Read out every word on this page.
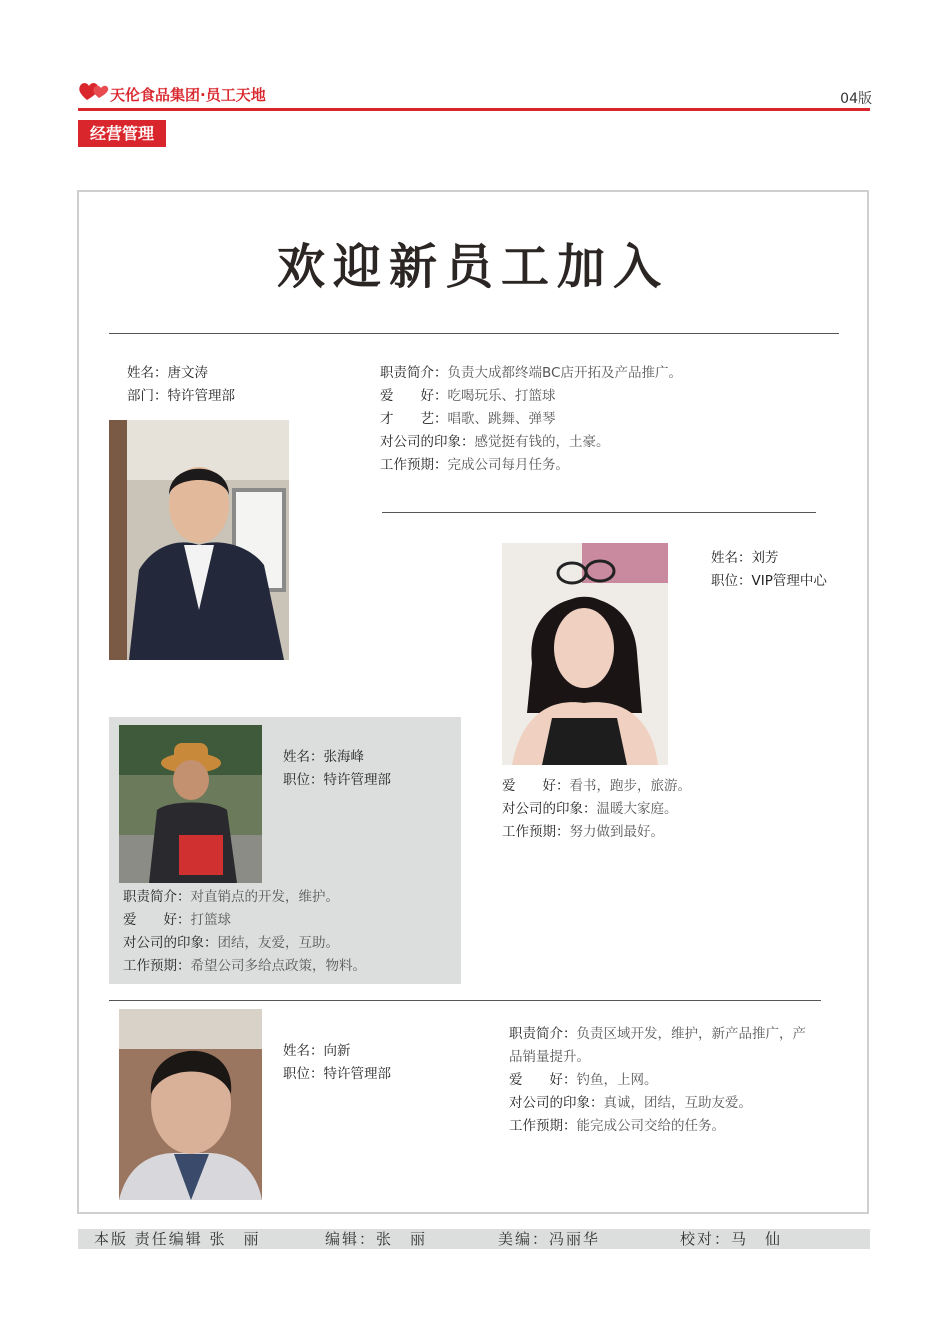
天伦食品集团·员工天地	04版
经营管理
欢迎新员工加入
姓名：唐文涛
部门：特许管理部
职责简介：负责大成都终端BC店开拓及产品推广。
爱　　好：吃喝玩乐、打篮球
才　　艺：唱歌、跳舞、弹琴
对公司的印象：感觉挺有钱的，土豪。
工作预期：完成公司每月任务。
姓名：刘芳
职位：VIP管理中心
爱　　好：看书，跑步，旅游。
对公司的印象：温暖大家庭。
工作预期：努力做到最好。
姓名：张海峰
职位：特许管理部
职责简介：对直销点的开发，维护。
爱　　好：打篮球
对公司的印象：团结，友爱，互助。
工作预期：希望公司多给点政策，物料。
姓名：向新
职位：特许管理部
职责简介：负责区域开发，维护，新产品推广，产
品销量提升。
爱　　好：钓鱼，上网。
对公司的印象：真诚，团结，互助友爱。
工作预期：能完成公司交给的任务。
本版 责任编辑 张　丽	编辑：张　丽	美编：冯丽华	校对：马　仙
